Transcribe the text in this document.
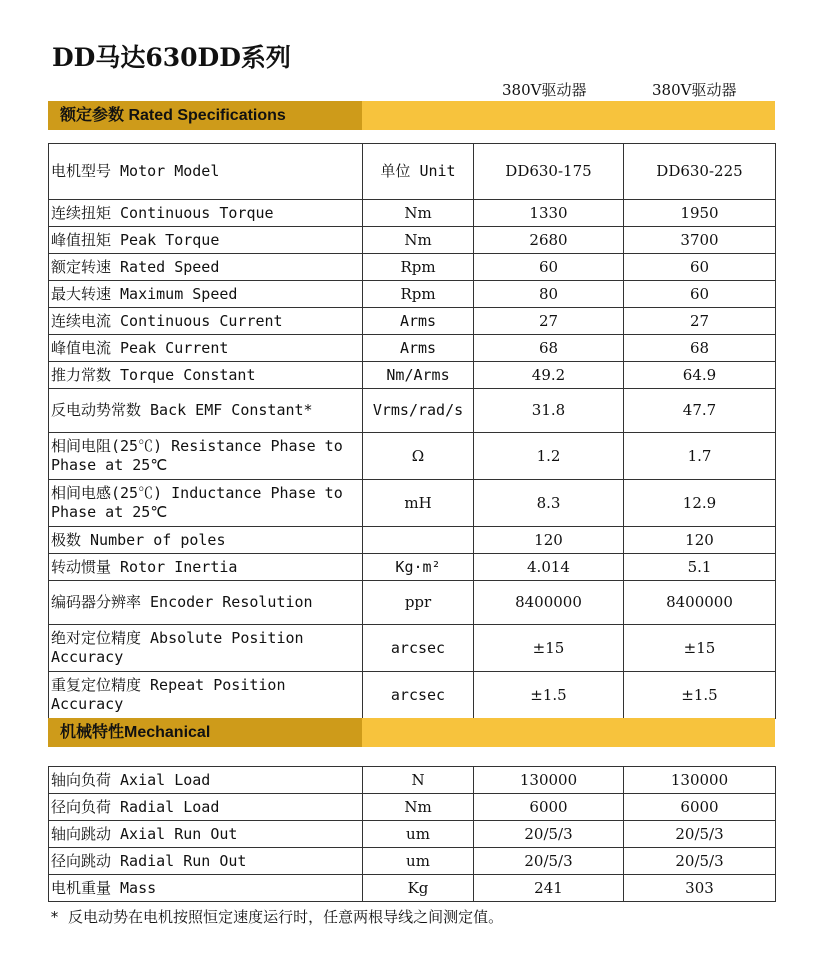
DD马达630DD系列
380V驱动器	380V驱动器
额定参数 Rated Specifications
电机型号 Motor Model	单位 Unit	DD630-175	DD630-225
连续扭矩 Continuous Torque	Nm	1330	1950
峰值扭矩 Peak Torque	Nm	2680	3700
额定转速 Rated Speed	Rpm	60	60
最大转速 Maximum Speed	Rpm	80	60
连续电流 Continuous Current	Arms	27	27
峰值电流 Peak Current	Arms	68	68
推力常数 Torque Constant	Nm/Arms	49.2	64.9
反电动势常数 Back EMF Constant*	Vrms/rad/s	31.8	47.7
相间电阻(25℃) Resistance Phase to Phase at 25℃	Ω	1.2	1.7
相间电感(25℃) Inductance Phase to Phase at 25℃	mH	8.3	12.9
极数 Number of poles		120	120
转动惯量 Rotor Inertia	Kg·m²	4.014	5.1
编码器分辨率 Encoder Resolution	ppr	8400000	8400000
绝对定位精度 Absolute Position Accuracy	arcsec	±15	±15
重复定位精度 Repeat Position Accuracy	arcsec	±1.5	±1.5
机械特性Mechanical
轴向负荷 Axial Load	N	130000	130000
径向负荷 Radial Load	Nm	6000	6000
轴向跳动 Axial Run Out	um	20/5/3	20/5/3
径向跳动 Radial Run Out	um	20/5/3	20/5/3
电机重量 Mass	Kg	241	303
* 反电动势在电机按照恒定速度运行时，任意两根导线之间测定值。
